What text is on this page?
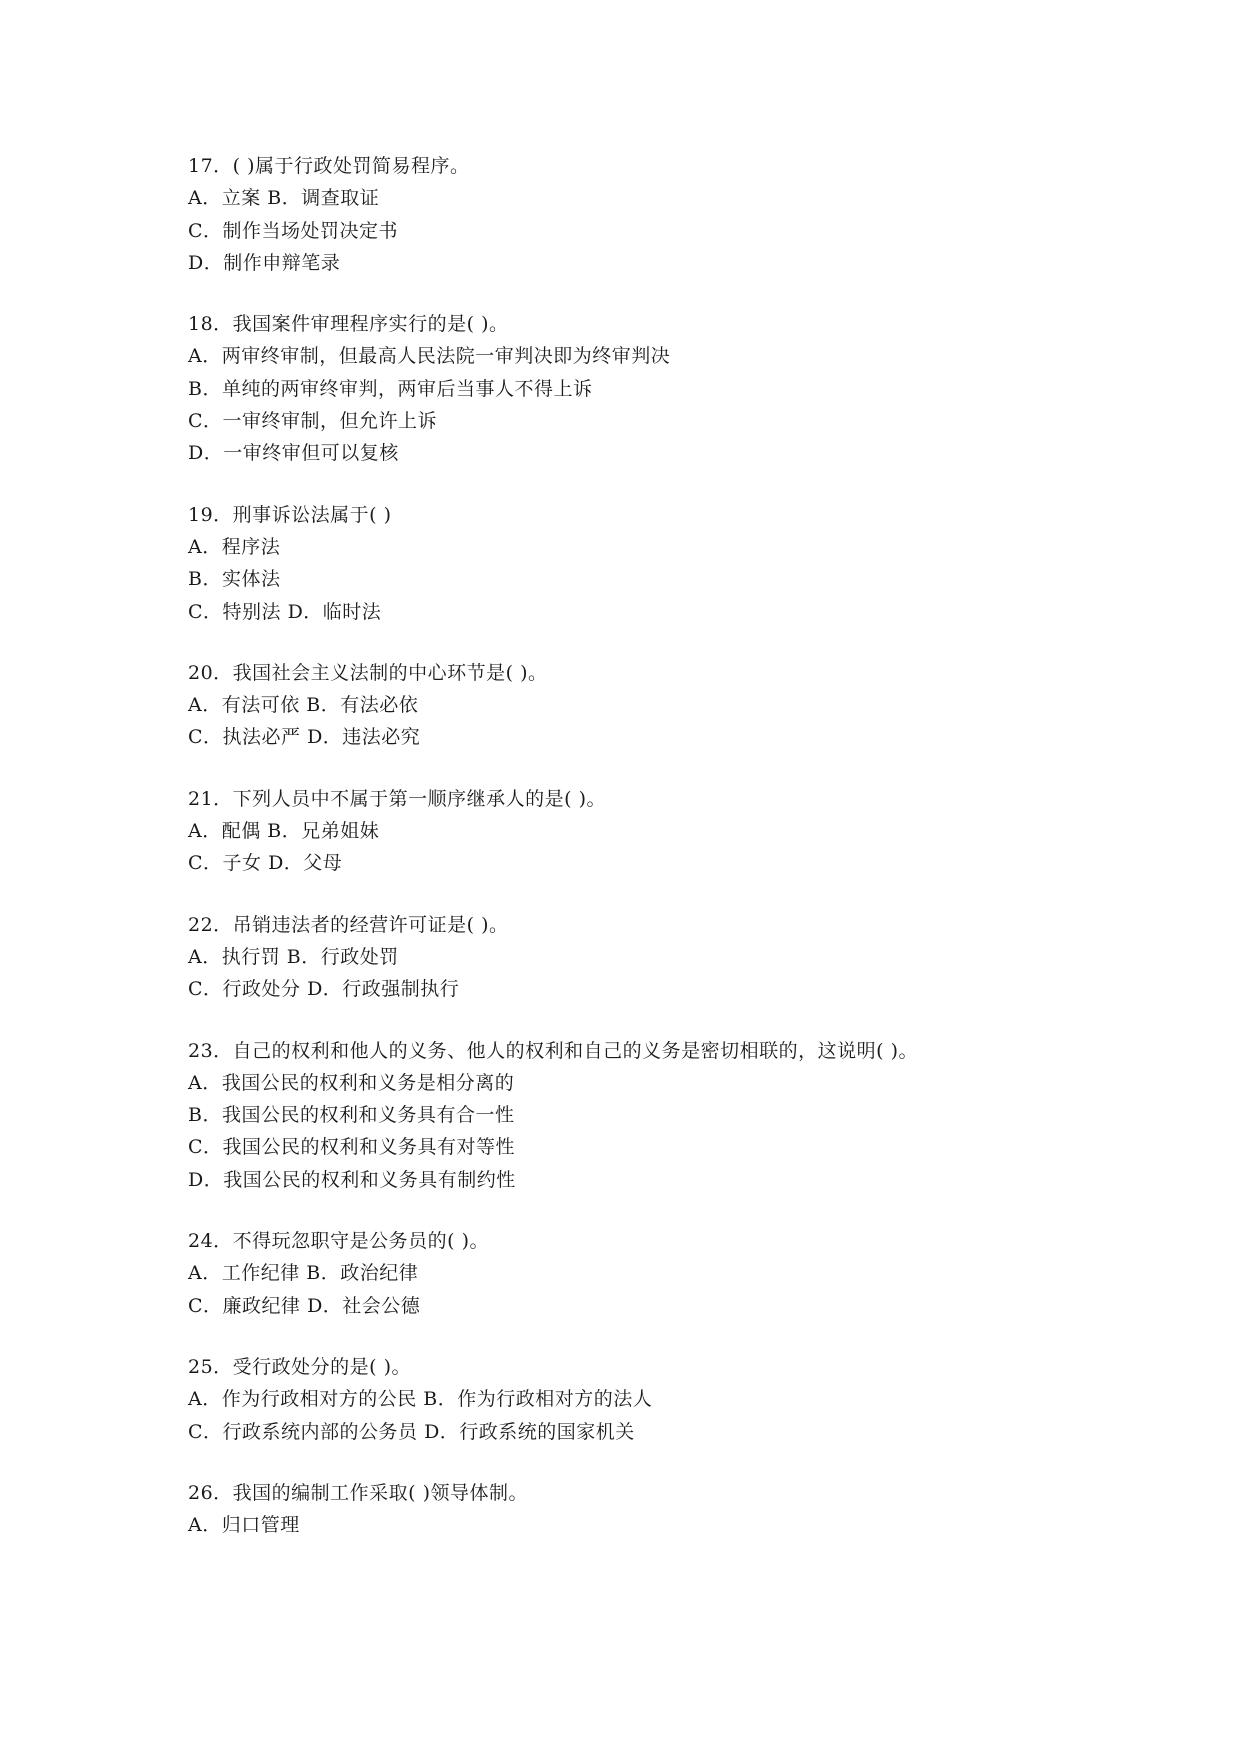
17．( )属于行政处罚简易程序。
A．立案 B．调查取证
C．制作当场处罚决定书
D．制作申辩笔录
18．我国案件审理程序实行的是( )。
A．两审终审制，但最高人民法院一审判决即为终审判决
B．单纯的两审终审判，两审后当事人不得上诉
C．一审终审制，但允许上诉
D．一审终审但可以复核
19．刑事诉讼法属于( )
A．程序法
B．实体法
C．特别法 D．临时法
20．我国社会主义法制的中心环节是( )。
A．有法可依 B．有法必依
C．执法必严 D．违法必究
21．下列人员中不属于第一顺序继承人的是( )。
A．配偶 B．兄弟姐妹
C．子女 D．父母
22．吊销违法者的经营许可证是( )。
A．执行罚 B．行政处罚
C．行政处分 D．行政强制执行
23．自己的权利和他人的义务、他人的权利和自己的义务是密切相联的，这说明( )。
A．我国公民的权利和义务是相分离的
B．我国公民的权利和义务具有合一性
C．我国公民的权利和义务具有对等性
D．我国公民的权利和义务具有制约性
24．不得玩忽职守是公务员的( )。
A．工作纪律 B．政治纪律
C．廉政纪律 D．社会公德
25．受行政处分的是( )。
A．作为行政相对方的公民 B．作为行政相对方的法人
C．行政系统内部的公务员 D．行政系统的国家机关
26．我国的编制工作采取( )领导体制。
A．归口管理
